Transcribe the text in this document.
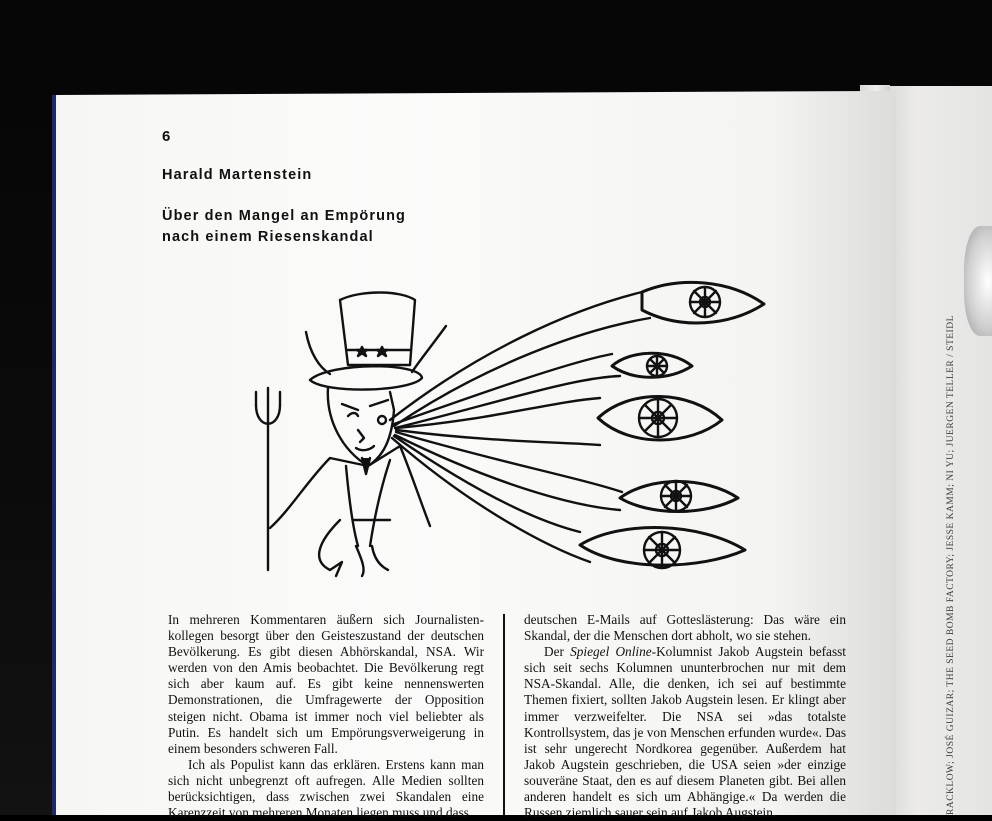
RACKLOW; JOSÉ GUIZAR; THE SEED BOMB FACTORY; JESSE KAMM; NI YU; JUERGEN TELLER / STEIDL
6
Harald Martenstein
Über den Mangel an Empörung
nach einem Riesenskandal

In mehreren Kommentaren äußern sich Journalistenkollegen besorgt über den Geisteszustand der deutschen Bevölkerung. Es gibt diesen Abhörskandal, NSA. Wir werden von den Amis beobachtet. Die Bevölkerung regt sich aber kaum auf. Es gibt keine nennenswerten Demonstrationen, die Umfragewerte der Opposition steigen nicht. Obama ist immer noch viel beliebter als Putin. Es handelt sich um Empörungsverweigerung in einem besonders schweren Fall.

Ich als Populist kann das erklären. Erstens kann man sich nicht unbegrenzt oft aufregen. Alle Medien sollten berücksichtigen, dass zwischen zwei Skandalen eine Karenzzeit von mehreren Monaten liegen muss und dass

deutschen E-Mails auf Gotteslästerung: Das wäre ein Skandal, der die Menschen dort abholt, wo sie stehen.

Der Spiegel Online-Kolumnist Jakob Augstein befasst sich seit sechs Kolumnen ununterbrochen nur mit dem NSA-Skandal. Alle, die denken, ich sei auf bestimmte Themen fixiert, sollten Jakob Augstein lesen. Er klingt aber immer verzweifelter. Die NSA sei »das totalste Kontrollsystem, das je von Menschen erfunden wurde«. Das ist sehr ungerecht Nordkorea gegenüber. Außerdem hat Jakob Augstein geschrieben, die USA seien »der einzige souveräne Staat, den es auf diesem Planeten gibt. Bei allen anderen handelt es sich um Abhängige.« Da werden die Russen ziemlich sauer sein auf Jakob Augstein.
